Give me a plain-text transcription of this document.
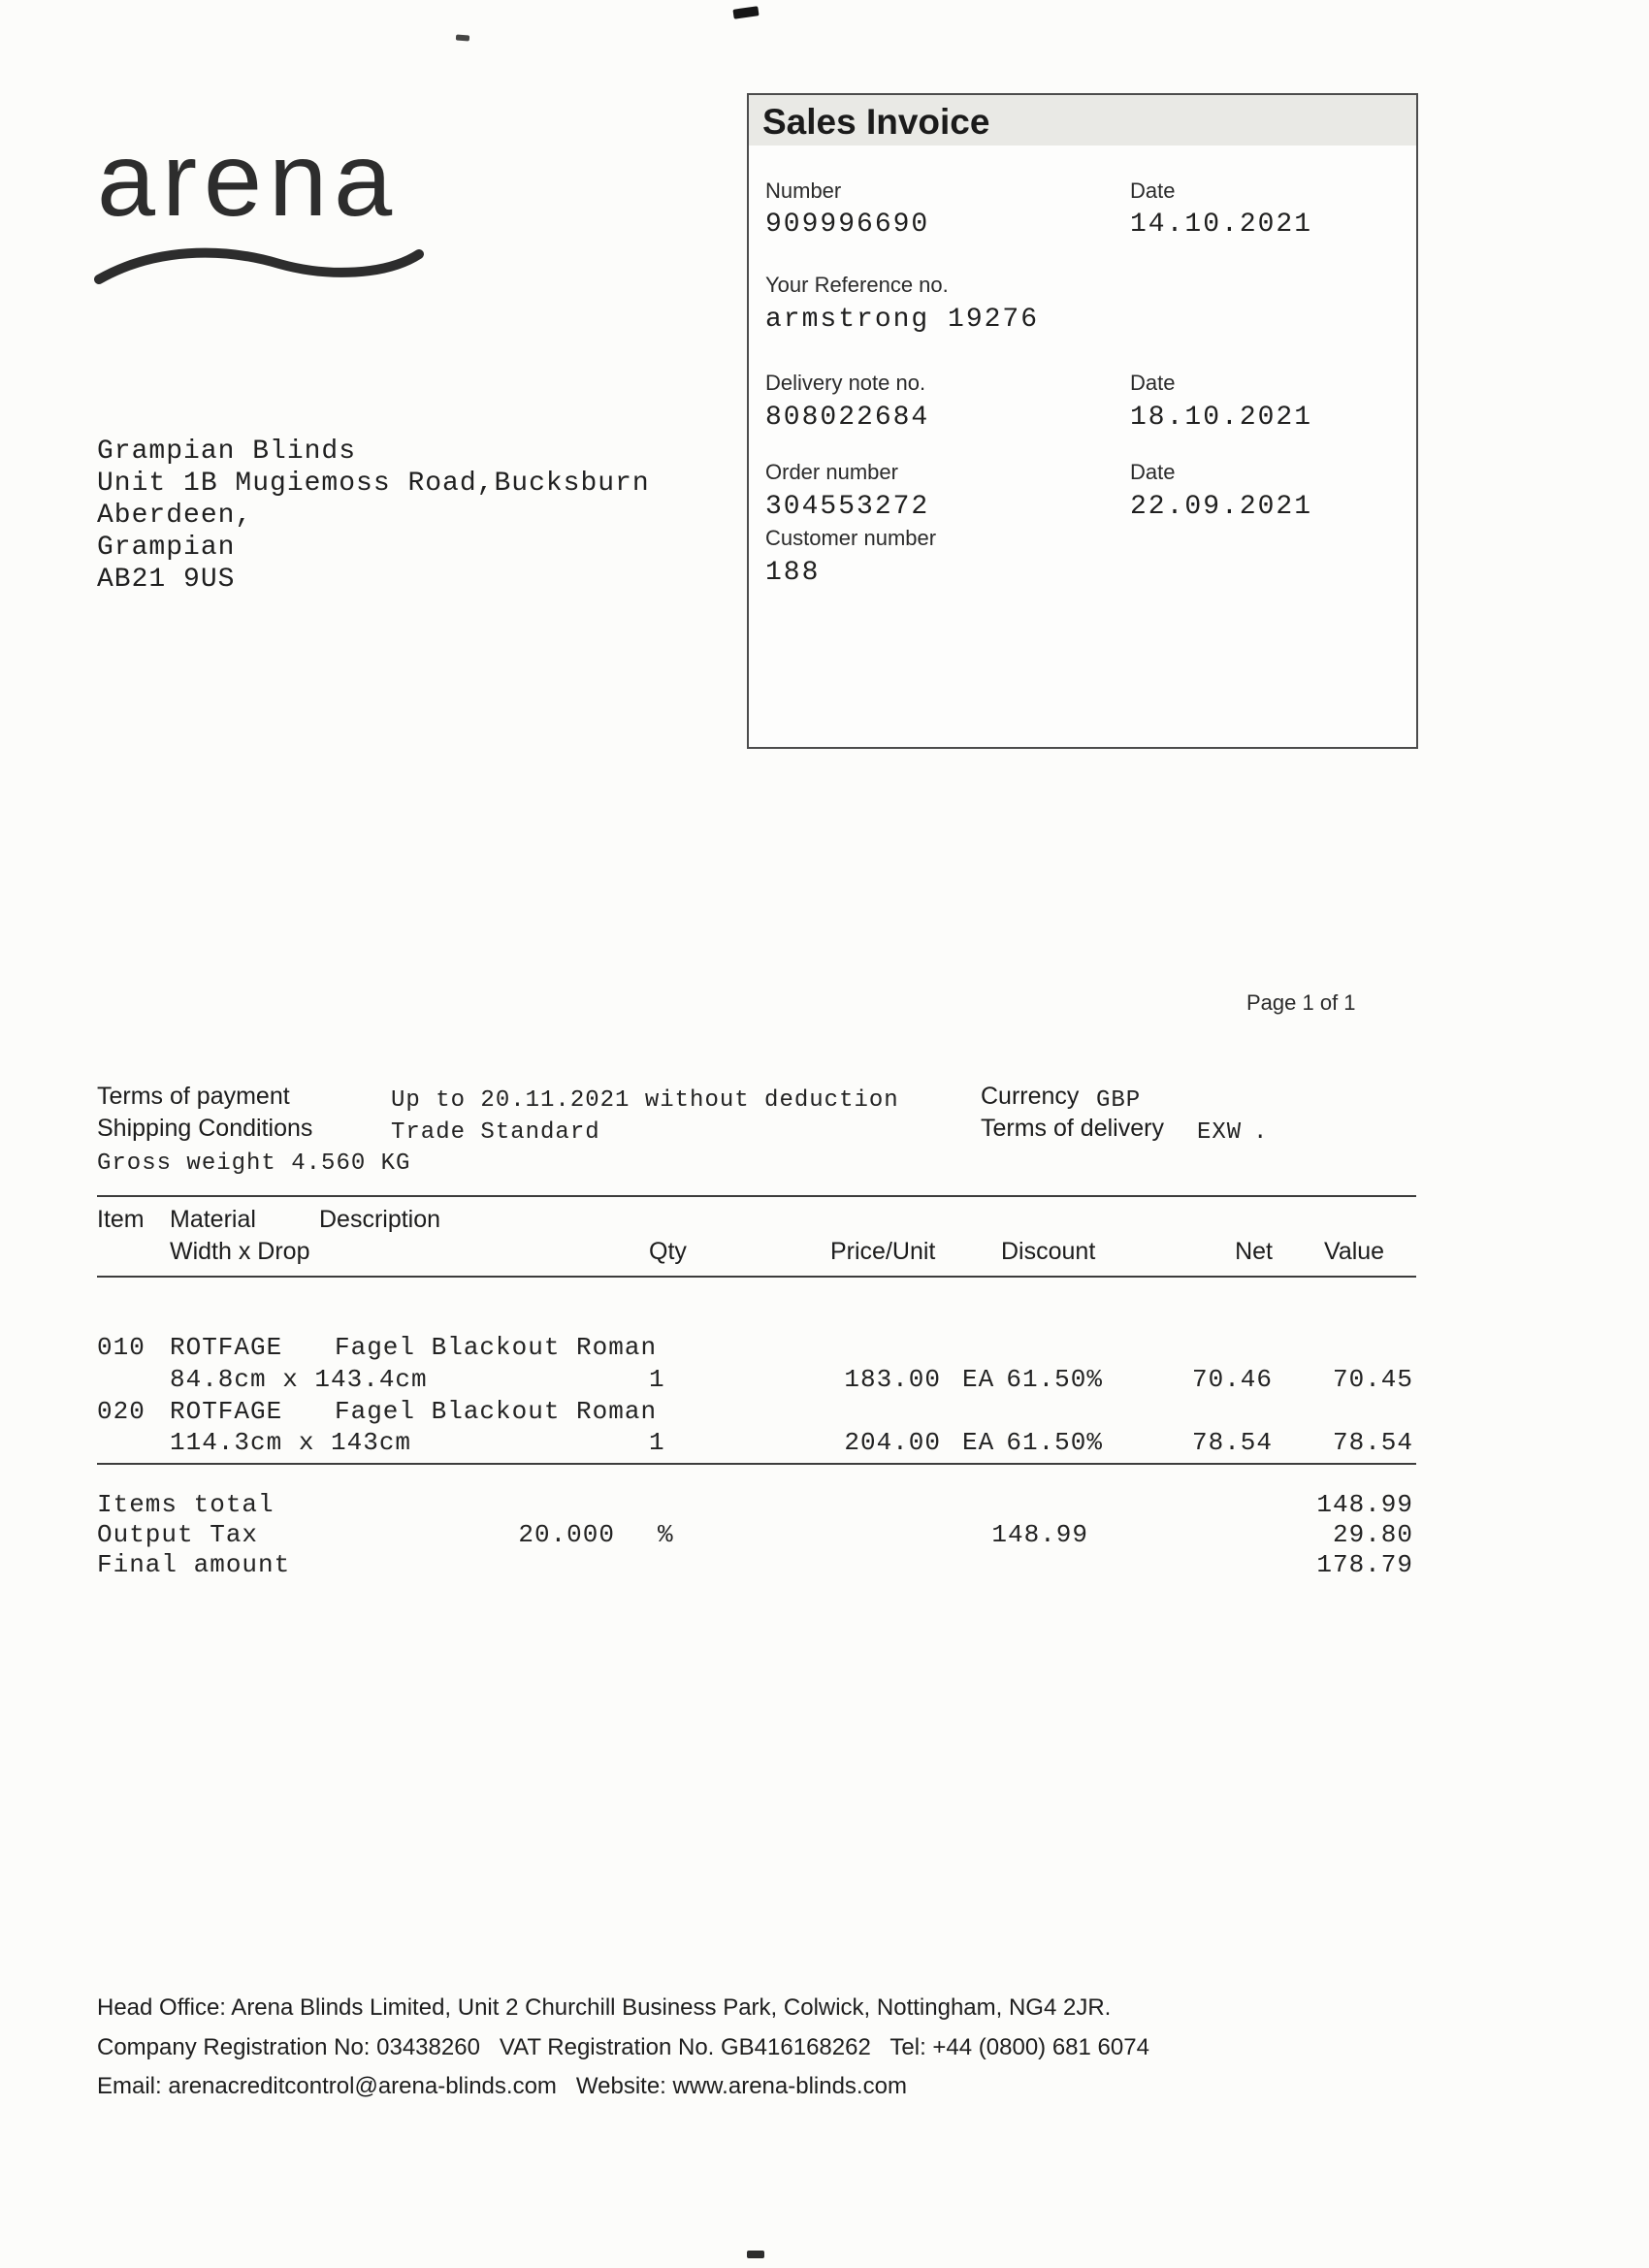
arena	Sales Invoice
Number
909996690
Date
14.10.2021
Your Reference no.
armstrong 19276
Delivery note no.
808022684
Date
18.10.2021
Order number
304553272
Date
22.09.2021
Customer number
188
Grampian Blinds
Unit 1B Mugiemoss Road,Bucksburn
Aberdeen,
Grampian
AB21 9US
Page 1 of 1
Terms of payment	Up to 20.11.2021 without deduction
Shipping Conditions	Trade Standard
Gross weight 4.560 KG
Currency GBP
Terms of delivery EXW .
Item Material	Description
Width x Drop	Qty	Price/Unit	Discount	Net Value
010 ROTFAGE Fagel Blackout Roman
84.8cm x 143.4cm	1	183.00 EA 61.50%	70.46 70.45
020 ROTFAGE Fagel Blackout Roman
114.3cm x 143cm	1	204.00 EA 61.50%	78.54 78.54
Items total	148.99
Output Tax	20.000 %	148.99	29.80
Final amount	178.79
Head Office: Arena Blinds Limited, Unit 2 Churchill Business Park, Colwick, Nottingham, NG4 2JR.
Company Registration No: 03438260   VAT Registration No. GB416168262   Tel: +44 (0800) 681 6074
Email: arenacreditcontrol@arena-blinds.com   Website: www.arena-blinds.com
